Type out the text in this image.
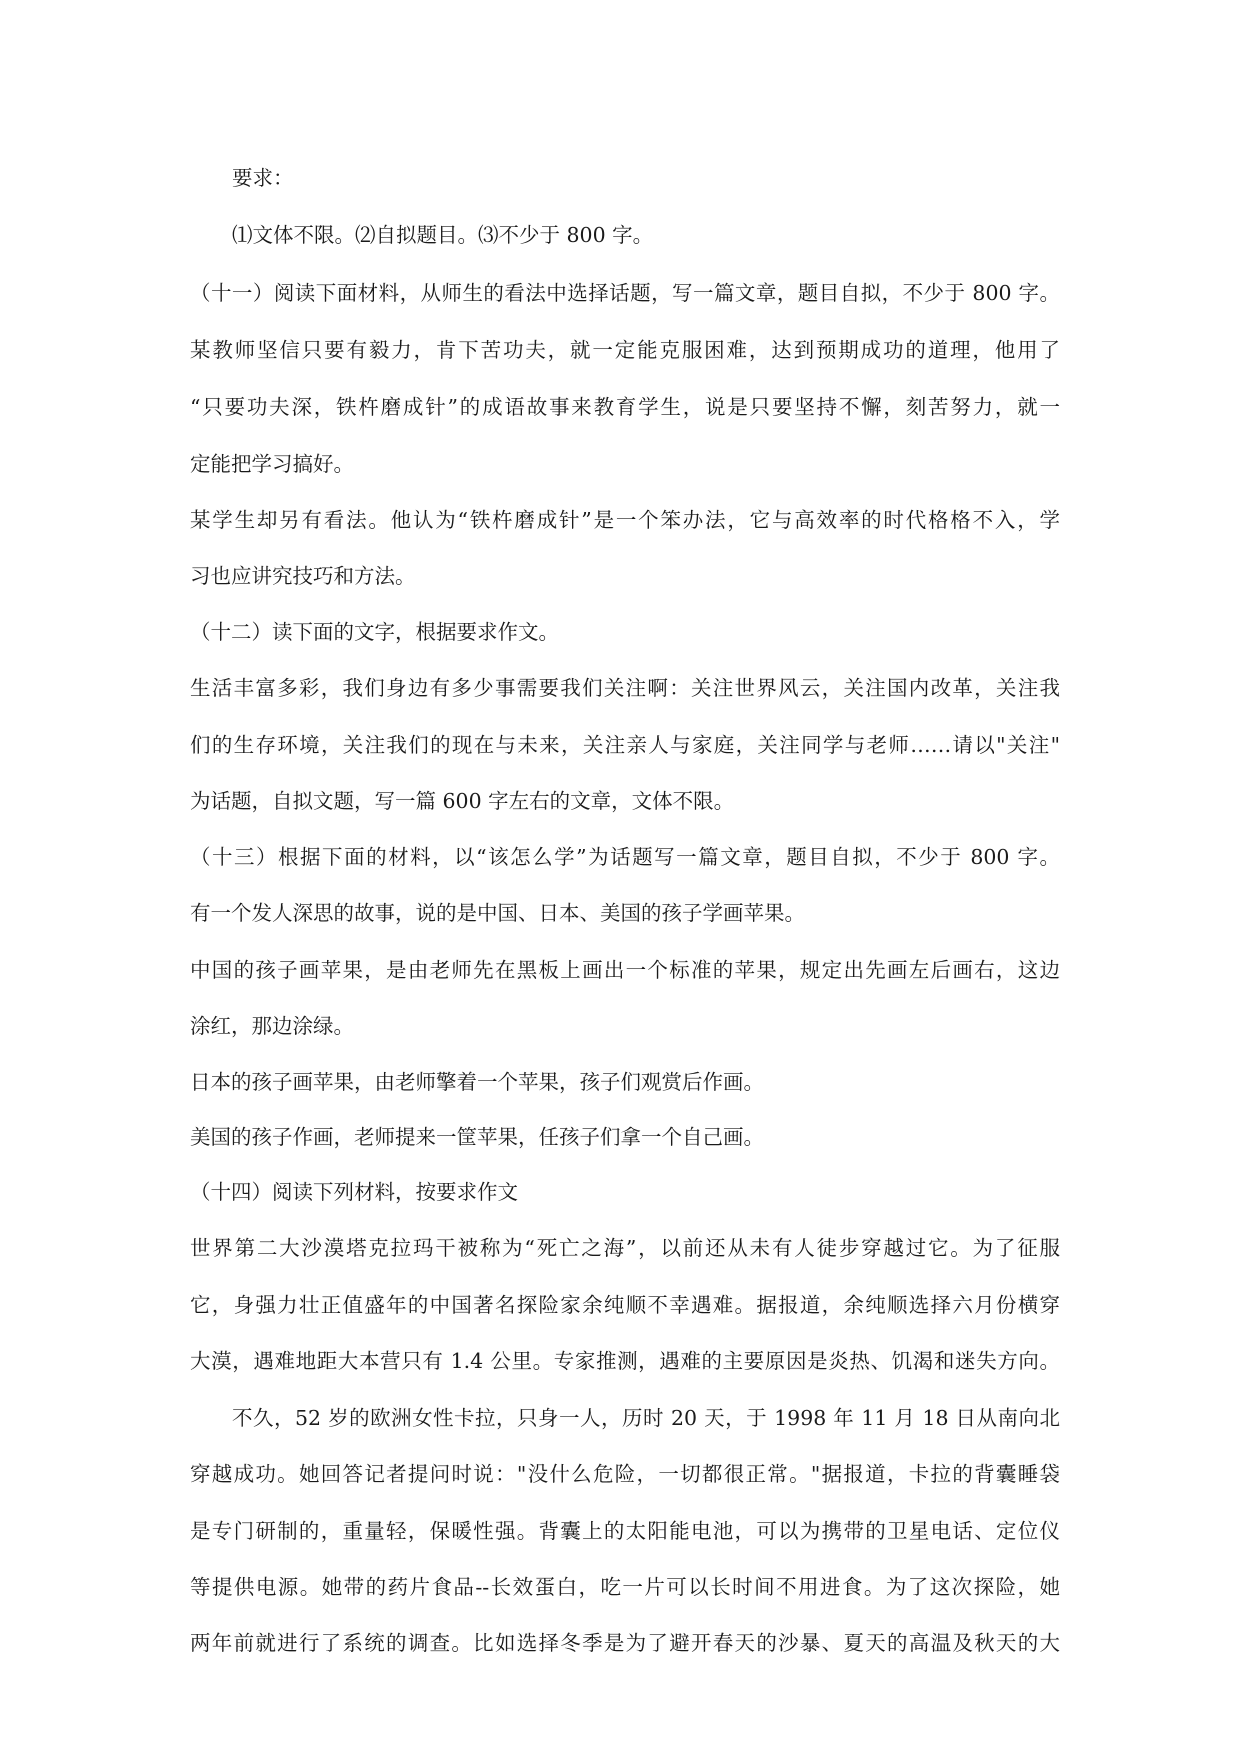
要求：
⑴文体不限。⑵自拟题目。⑶不少于 800 字。
（十一）阅读下面材料，从师生的看法中选择话题，写一篇文章，题目自拟，不少于 800 字。
某教师坚信只要有毅力，肯下苦功夫，就一定能克服困难，达到预期成功的道理，他用了
“只要功夫深，铁杵磨成针”的成语故事来教育学生，说是只要坚持不懈，刻苦努力，就一
定能把学习搞好。
某学生却另有看法。他认为“铁杵磨成针”是一个笨办法，它与高效率的时代格格不入，学
习也应讲究技巧和方法。
（十二）读下面的文字，根据要求作文。
生活丰富多彩，我们身边有多少事需要我们关注啊：关注世界风云，关注国内改革，关注我
们的生存环境，关注我们的现在与未来，关注亲人与家庭，关注同学与老师……请以"关注"
为话题，自拟文题，写一篇 600 字左右的文章，文体不限。
（十三）根据下面的材料，以“该怎么学”为话题写一篇文章，题目自拟，不少于 800 字。
有一个发人深思的故事，说的是中国、日本、美国的孩子学画苹果。
中国的孩子画苹果，是由老师先在黑板上画出一个标准的苹果，规定出先画左后画右，这边
涂红，那边涂绿。
日本的孩子画苹果，由老师擎着一个苹果，孩子们观赏后作画。
美国的孩子作画，老师提来一筐苹果，任孩子们拿一个自己画。
（十四）阅读下列材料，按要求作文
世界第二大沙漠塔克拉玛干被称为“死亡之海”，以前还从未有人徒步穿越过它。为了征服
它，身强力壮正值盛年的中国著名探险家余纯顺不幸遇难。据报道，余纯顺选择六月份横穿
大漠，遇难地距大本营只有 1.4 公里。专家推测，遇难的主要原因是炎热、饥渴和迷失方向。
不久，52 岁的欧洲女性卡拉，只身一人，历时 20 天，于 1998 年 11 月 18 日从南向北
穿越成功。她回答记者提问时说："没什么危险，一切都很正常。"据报道，卡拉的背囊睡袋
是专门研制的，重量轻，保暖性强。背囊上的太阳能电池，可以为携带的卫星电话、定位仪
等提供电源。她带的药片食品--长效蛋白，吃一片可以长时间不用进食。为了这次探险，她
两年前就进行了系统的调查。比如选择冬季是为了避开春天的沙暴、夏天的高温及秋天的大
